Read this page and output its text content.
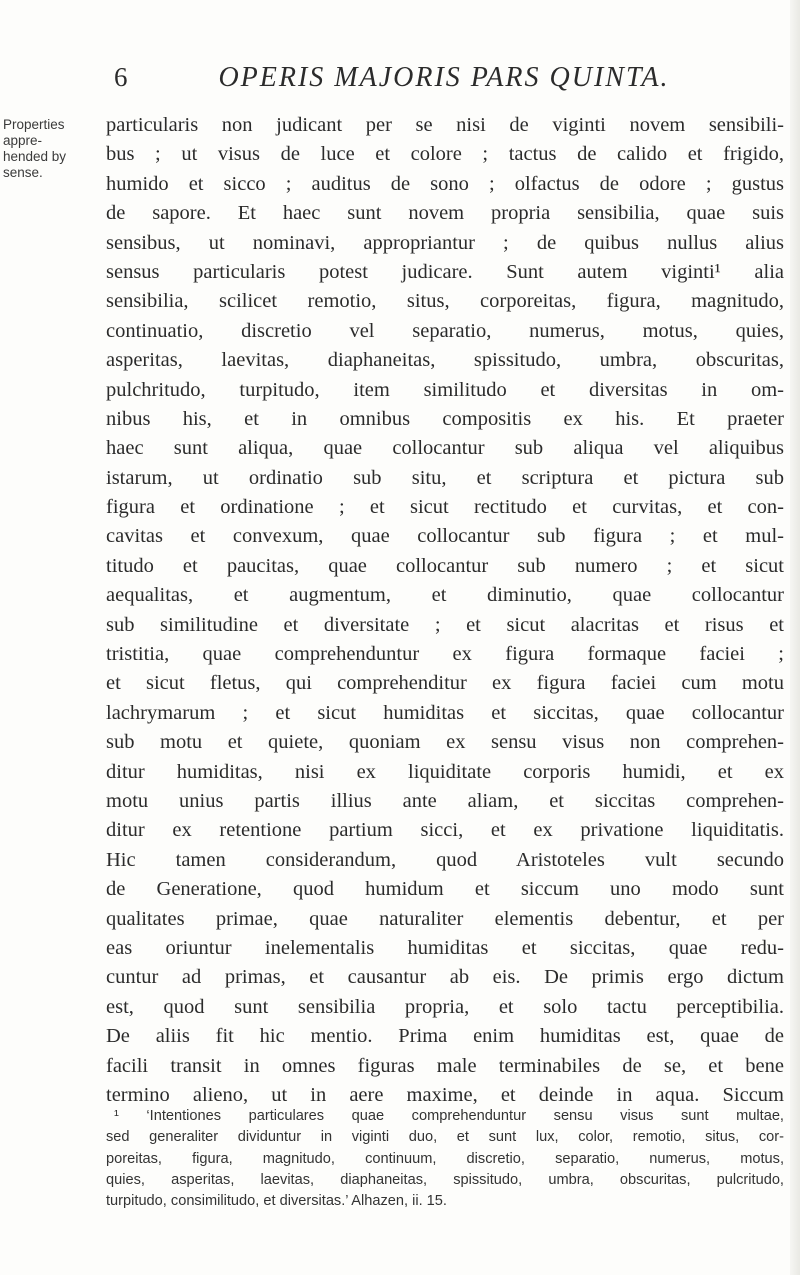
6	OPERIS MAJORIS PARS QUINTA.
Properties
appre-
hended by
sense.
particularis non judicant per se nisi de viginti novem sensibili-
bus ; ut visus de luce et colore ; tactus de calido et frigido,
humido et sicco ; auditus de sono ; olfactus de odore ; gustus
de sapore. Et haec sunt novem propria sensibilia, quae suis
sensibus, ut nominavi, appropriantur ; de quibus nullus alius
sensus particularis potest judicare. Sunt autem viginti¹ alia
sensibilia, scilicet remotio, situs, corporeitas, figura, magnitudo,
continuatio, discretio vel separatio, numerus, motus, quies,
asperitas, laevitas, diaphaneitas, spissitudo, umbra, obscuritas,
pulchritudo, turpitudo, item similitudo et diversitas in om-
nibus his, et in omnibus compositis ex his. Et praeter
haec sunt aliqua, quae collocantur sub aliqua vel aliquibus
istarum, ut ordinatio sub situ, et scriptura et pictura sub
figura et ordinatione ; et sicut rectitudo et curvitas, et con-
cavitas et convexum, quae collocantur sub figura ; et mul-
titudo et paucitas, quae collocantur sub numero ; et sicut
aequalitas, et augmentum, et diminutio, quae collocantur
sub similitudine et diversitate ; et sicut alacritas et risus et
tristitia, quae comprehenduntur ex figura formaque faciei ;
et sicut fletus, qui comprehenditur ex figura faciei cum motu
lachrymarum ; et sicut humiditas et siccitas, quae collocantur
sub motu et quiete, quoniam ex sensu visus non comprehen-
ditur humiditas, nisi ex liquiditate corporis humidi, et ex
motu unius partis illius ante aliam, et siccitas comprehen-
ditur ex retentione partium sicci, et ex privatione liquiditatis.
Hic tamen considerandum, quod Aristoteles vult secundo
de Generatione, quod humidum et siccum uno modo sunt
qualitates primae, quae naturaliter elementis debentur, et per
eas oriuntur inelementalis humiditas et siccitas, quae redu-
cuntur ad primas, et causantur ab eis. De primis ergo dictum
est, quod sunt sensibilia propria, et solo tactu perceptibilia.
De aliis fit hic mentio. Prima enim humiditas est, quae de
facili transit in omnes figuras male terminabiles de se, et bene
termino alieno, ut in aere maxime, et deinde in aqua. Siccum
¹ ‘Intentiones particulares quae comprehenduntur sensu visus sunt multae,
sed generaliter dividuntur in viginti duo, et sunt lux, color, remotio, situs, cor-
poreitas, figura, magnitudo, continuum, discretio, separatio, numerus, motus,
quies, asperitas, laevitas, diaphaneitas, spissitudo, umbra, obscuritas, pulcritudo,
turpitudo, consimilitudo, et diversitas.’ Alhazen, ii. 15.
